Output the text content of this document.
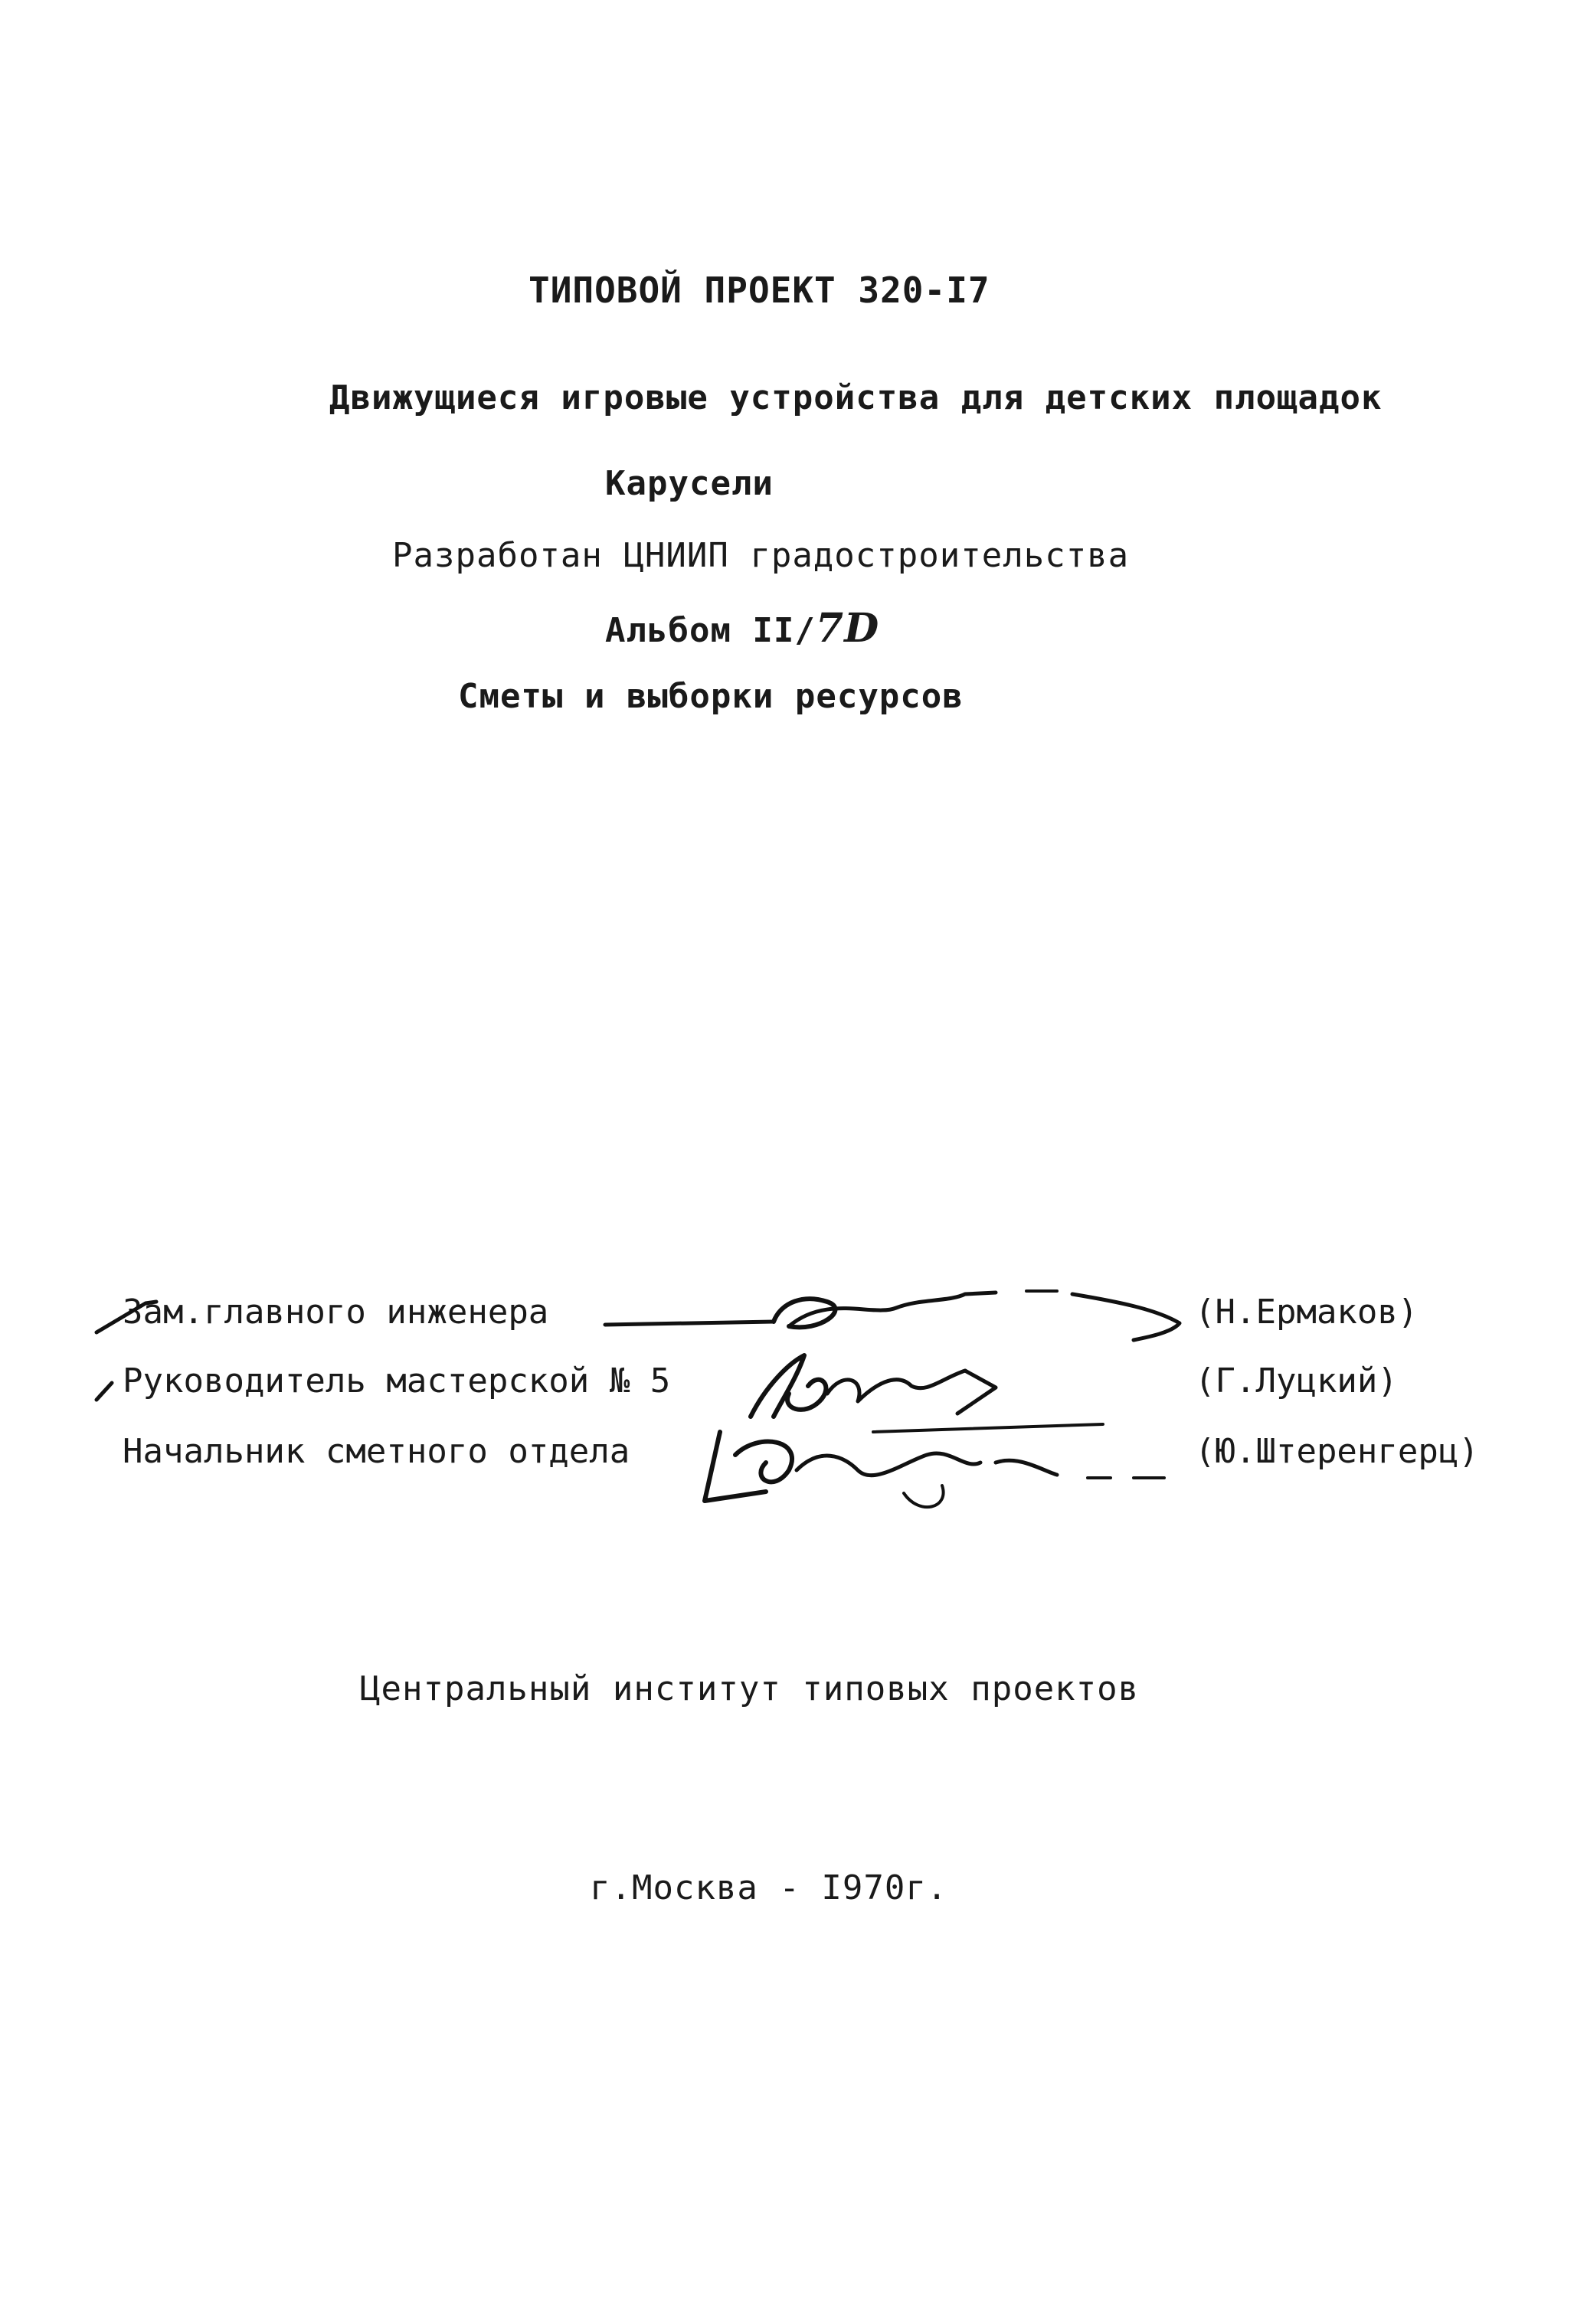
ТИПОВОЙ ПРОЕКТ 320-I7
Движущиеся игровые устройства для детских площадок
Карусели
Разработан ЦНИИП градостроительства
Альбом II/7D
Сметы и выборки ресурсов
Зам.главного инженера	(Н.Ермаков)
Руководитель мастерской № 5	(Г.Луцкий)
Начальник сметного отдела	(Ю.Штеренгерц)
Центральный институт типовых проектов
г.Москва - I970г.
